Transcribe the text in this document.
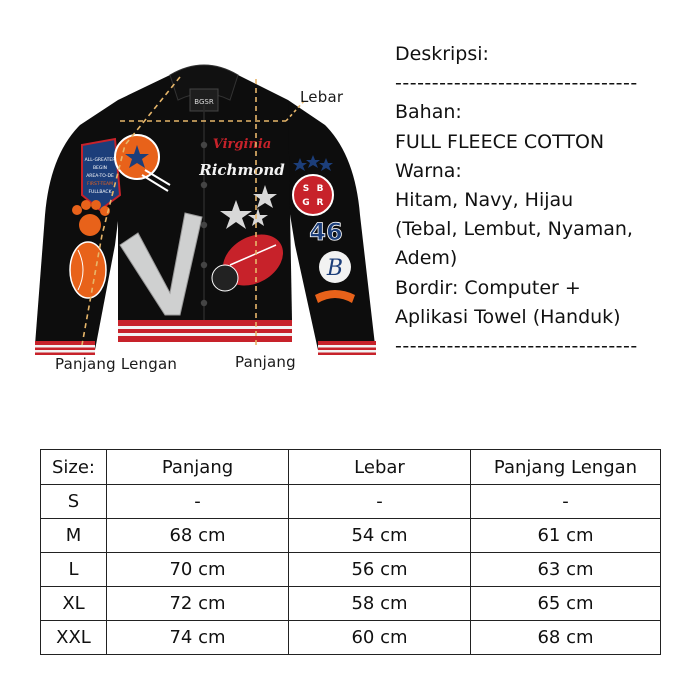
BGSR
ALL-GREATER
BEGIN
AREA-TO-DE
FIRST-TEAM
FULLBACK
Virginia
Richmond
S B
G R
46
B
Lebar
Panjang Lengan	Panjang
Deskripsi:
---------------------------------
Bahan:
FULL FLEECE COTTON
Warna:
Hitam, Navy, Hijau
(Tebal, Lembut, Nyaman,
Adem)
Bordir: Computer +
Aplikasi Towel (Handuk)
---------------------------------
Size:	Panjang	Lebar	Panjang Lengan
S	-	-	-
M	68 cm	54 cm	61 cm
L	70 cm	56 cm	63 cm
XL	72 cm	58 cm	65 cm
XXL	74 cm	60 cm	68 cm
